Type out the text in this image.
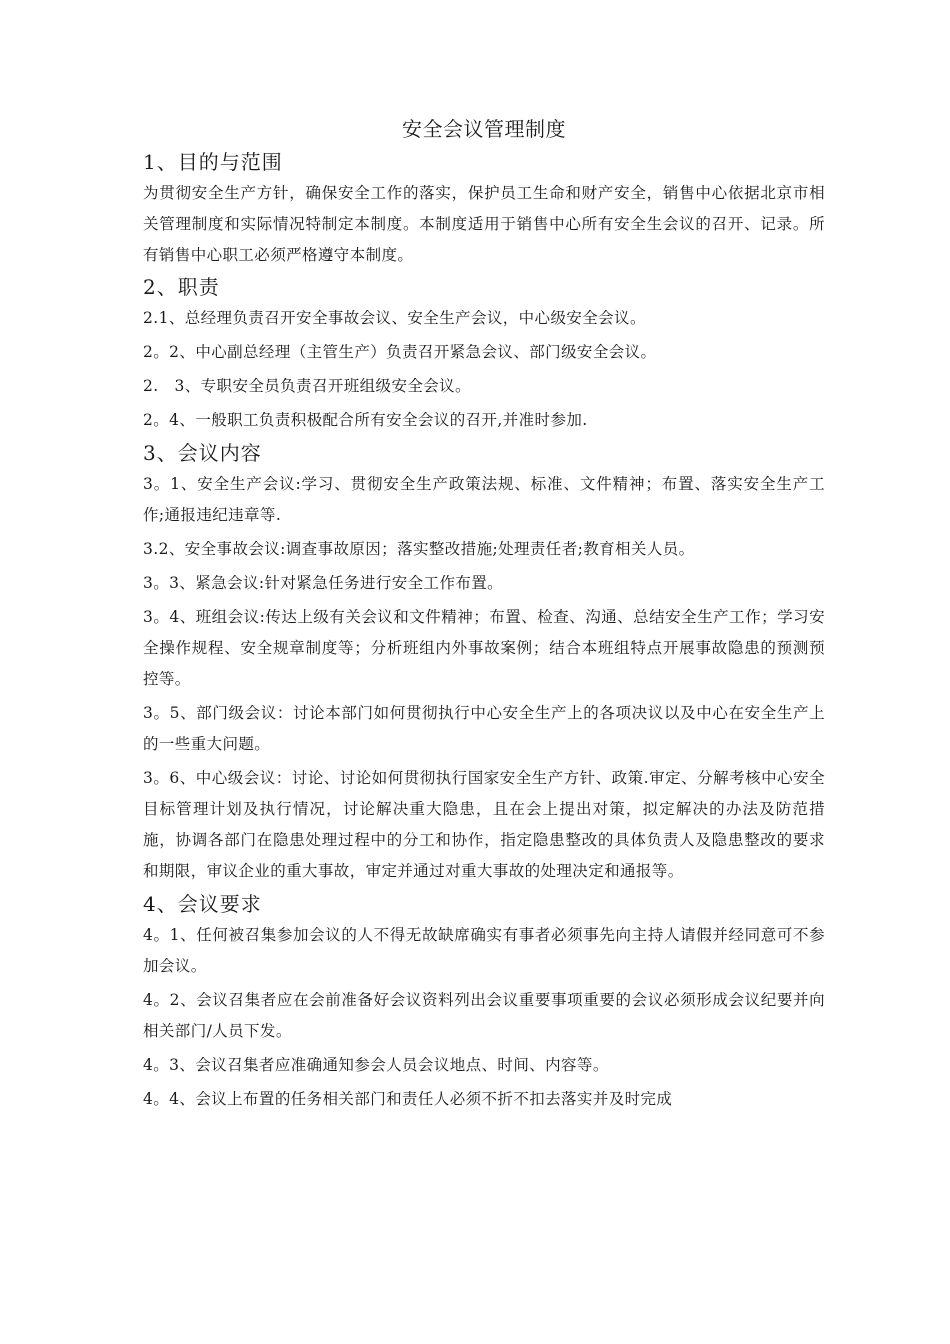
安全会议管理制度
1、目的与范围

为贯彻安全生产方针，确保安全工作的落实，保护员工生命和财产安全，销售中心依据北京市相关管理制度和实际情况特制定本制度。本制度适用于销售中心所有安全生会议的召开、记录。所有销售中心职工必须严格遵守本制度。

2、职责

2.1、总经理负责召开安全事故会议、安全生产会议，中心级安全会议。

2。2、中心副总经理（主管生产）负责召开紧急会议、部门级安全会议。

2.　3、专职安全员负责召开班组级安全会议。

2。4、一般职工负责积极配合所有安全会议的召开,并准时参加.

3、会议内容

3。1、安全生产会议:学习、贯彻安全生产政策法规、标准、文件精神；布置、落实安全生产工作;通报违纪违章等.

3.2、安全事故会议:调查事故原因；落实整改措施;处理责任者;教育相关人员。

3。3、紧急会议:针对紧急任务进行安全工作布置。

3。4、班组会议:传达上级有关会议和文件精神；布置、检查、沟通、总结安全生产工作；学习安全操作规程、安全规章制度等；分析班组内外事故案例；结合本班组特点开展事故隐患的预测预控等。

3。5、部门级会议：讨论本部门如何贯彻执行中心安全生产上的各项决议以及中心在安全生产上的一些重大问题。

3。6、中心级会议：讨论、讨论如何贯彻执行国家安全生产方针、政策.审定、分解考核中心安全目标管理计划及执行情况，讨论解决重大隐患，且在会上提出对策，拟定解决的办法及防范措施，协调各部门在隐患处理过程中的分工和协作，指定隐患整改的具体负责人及隐患整改的要求和期限，审议企业的重大事故，审定并通过对重大事故的处理决定和通报等。

4、会议要求

4。1、任何被召集参加会议的人不得无故缺席确实有事者必须事先向主持人请假并经同意可不参加会议。

4。2、会议召集者应在会前准备好会议资料列出会议重要事项重要的会议必须形成会议纪要并向相关部门/人员下发。

4。3、会议召集者应准确通知参会人员会议地点、时间、内容等。

4。4、会议上布置的任务相关部门和责任人必须不折不扣去落实并及时完成
